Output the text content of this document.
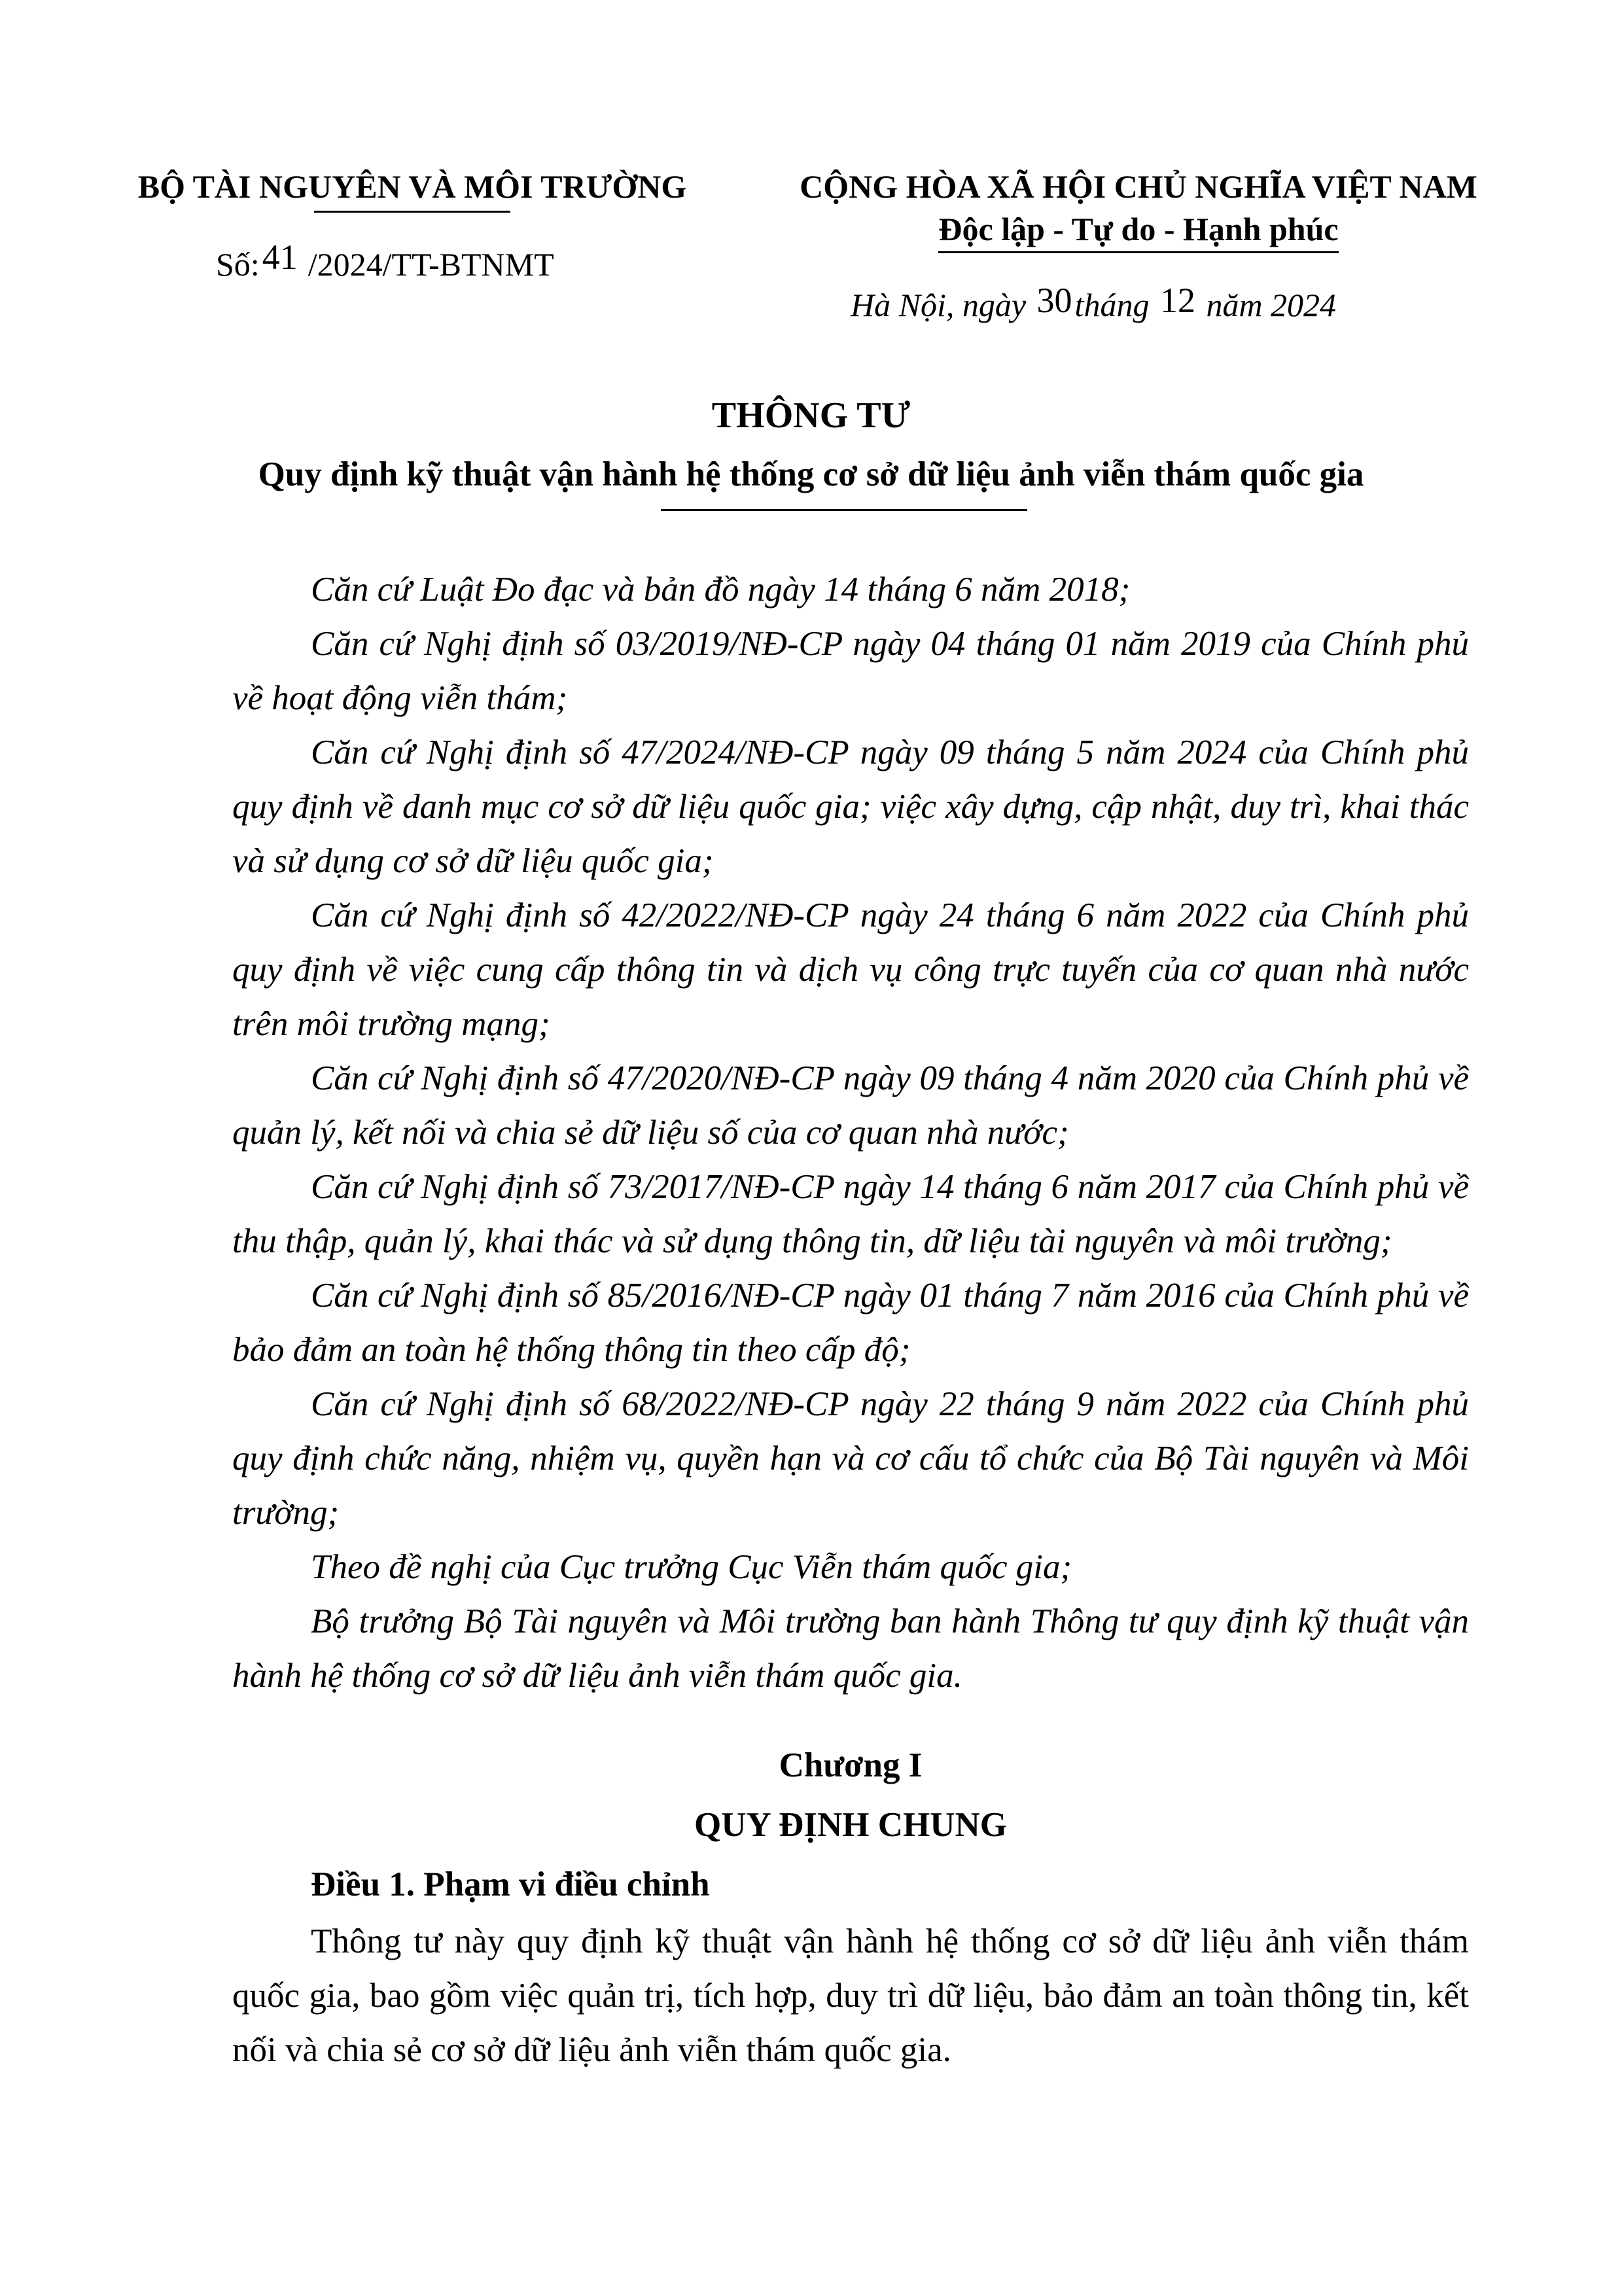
BỘ TÀI NGUYÊN VÀ MÔI TRƯỜNG
Số:41 /2024/TT-BTNMT
CỘNG HÒA XÃ HỘI CHỦ NGHĨA VIỆT NAM
Độc lập - Tự do - Hạnh phúc
Hà Nội, ngày 30tháng 12 năm 2024
THÔNG TƯ
Quy định kỹ thuật vận hành hệ thống cơ sở dữ liệu ảnh viễn thám quốc gia

Căn cứ Luật Đo đạc và bản đồ ngày 14 tháng 6 năm 2018;

Căn cứ Nghị định số 03/2019/NĐ-CP ngày 04 tháng 01 năm 2019 của Chính phủ về hoạt động viễn thám;

Căn cứ Nghị định số 47/2024/NĐ-CP ngày 09 tháng 5 năm 2024 của Chính phủ quy định về danh mục cơ sở dữ liệu quốc gia; việc xây dựng, cập nhật, duy trì, khai thác và sử dụng cơ sở dữ liệu quốc gia;

Căn cứ Nghị định số 42/2022/NĐ-CP ngày 24 tháng 6 năm 2022 của Chính phủ quy định về việc cung cấp thông tin và dịch vụ công trực tuyến của cơ quan nhà nước trên môi trường mạng;

Căn cứ Nghị định số 47/2020/NĐ-CP ngày 09 tháng 4 năm 2020 của Chính phủ về quản lý, kết nối và chia sẻ dữ liệu số của cơ quan nhà nước;

Căn cứ Nghị định số 73/2017/NĐ-CP ngày 14 tháng 6 năm 2017 của Chính phủ về thu thập, quản lý, khai thác và sử dụng thông tin, dữ liệu tài nguyên và môi trường;

Căn cứ Nghị định số 85/2016/NĐ-CP ngày 01 tháng 7 năm 2016 của Chính phủ về bảo đảm an toàn hệ thống thông tin theo cấp độ;

Căn cứ Nghị định số 68/2022/NĐ-CP ngày 22 tháng 9 năm 2022 của Chính phủ quy định chức năng, nhiệm vụ, quyền hạn và cơ cấu tổ chức của Bộ Tài nguyên và Môi trường;

Theo đề nghị của Cục trưởng Cục Viễn thám quốc gia;

Bộ trưởng Bộ Tài nguyên và Môi trường ban hành Thông tư quy định kỹ thuật vận hành hệ thống cơ sở dữ liệu ảnh viễn thám quốc gia.

Chương I
QUY ĐỊNH CHUNG
Điều 1. Phạm vi điều chỉnh
Thông tư này quy định kỹ thuật vận hành hệ thống cơ sở dữ liệu ảnh viễn thám quốc gia, bao gồm việc quản trị, tích hợp, duy trì dữ liệu, bảo đảm an toàn thông tin, kết nối và chia sẻ cơ sở dữ liệu ảnh viễn thám quốc gia.
